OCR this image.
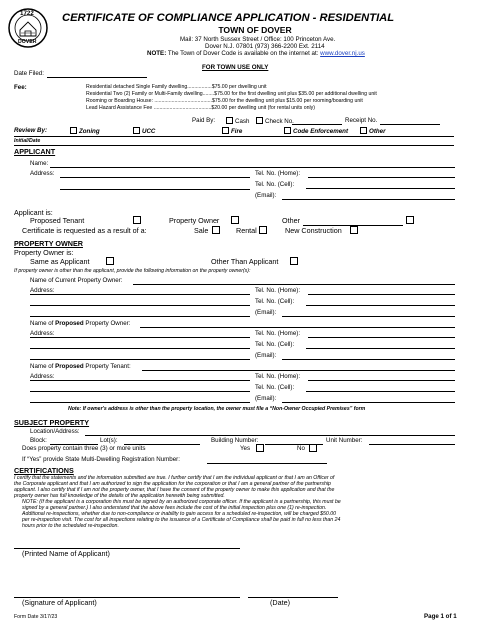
1722
DOVER
CERTIFICATE OF COMPLIANCE APPLICATION - RESIDENTIAL
TOWN OF DOVER
Mail: 37 North Sussex Street / Office: 100 Princeton Ave.
Dover N.J. 07801 (973) 366-2200 Ext. 2114
NOTE: The Town of Dover Code is available on the internet at: www.dover.nj.us
FOR TOWN USE ONLY
Date Filed:
Fee:	Residential detached Single Family dwelling.................$75.00 per dwelling unit
Residential Two (2) Family or Multi-Family dwelling........$75.00 for the first dwelling unit plus $35.00 per additional dwelling unit
Rooming or Boarding House: ........................................$75.00 for the dwelling unit plus $15.00 per rooming/boarding unit
Lead Hazard Assistance Fee ........................................$20.00 per dwelling unit (for rental units only)
Paid By:	Cash	Check No.	Receipt No.
Review By:	Zoning	UCC	Fire	Code Enforcement	Other
Initial/Date
APPLICANT
Name:
Address:	Tel. No. (Home):
Tel. No. (Cell):
(Email):
Applicant is:
Proposed Tenant	Property Owner	Other
Certificate is requested as a result of a:	Sale	Rental	New Construction
PROPERTY OWNER
Property Owner is:
Same as Applicant	Other Than Applicant
If property owner is other than the applicant, provide the following information on the property owner(s):
Name of Current Property Owner:
Address:	Tel. No. (Home):
Tel. No. (Cell):
(Email):
Name of Proposed Property Owner:
Address:	Tel. No. (Home):
Tel. No. (Cell):
(Email):
Name of Proposed Property Tenant:
Address:	Tel. No. (Home):
Tel. No. (Cell):
(Email):
Note: If owner's address is other than the property location, the owner must file a “Non-Owner Occupied Premises” form
SUBJECT PROPERTY
Location/Address:
Block:	Lot(s):	Building Number:	Unit Number:
Does property contain three (3) or more units	Yes	No
If “Yes” provide State Multi-Dwelling Registration Number:
CERTIFICATIONS
I certify that the statements and the information submitted are true. I further certify that I am the individual applicant or that I am an Officer of
the Corporate applicant and that I am authorized to sign the application for the corporation or that I am a general partner of the partnership
applicant. I also certify that if I am not the property owner, that I have the consent of the property owner to make this application and that the
property owner has full knowledge of the details of the application herewith being submitted.
NOTE: (If the applicant is a corporation this must be signed by an authorized corporate officer. If the applicant is a partnership, this must be
signed by a general partner.) I also understand that the above fees include the cost of the initial inspection plus one (1) re-inspection.
Additional re-inspections, whether due to non-compliance or inability to gain access for a scheduled re-inspection, will be charged $50.00
per re-inspection visit. The cost for all inspections relating to the issuance of a Certificate of Compliance shall be paid in full no less than 24
hours prior to the scheduled re-inspection.
(Printed Name of Applicant)
(Signature of Applicant)	(Date)
Form Date 3/17/23	Page 1 of 1
